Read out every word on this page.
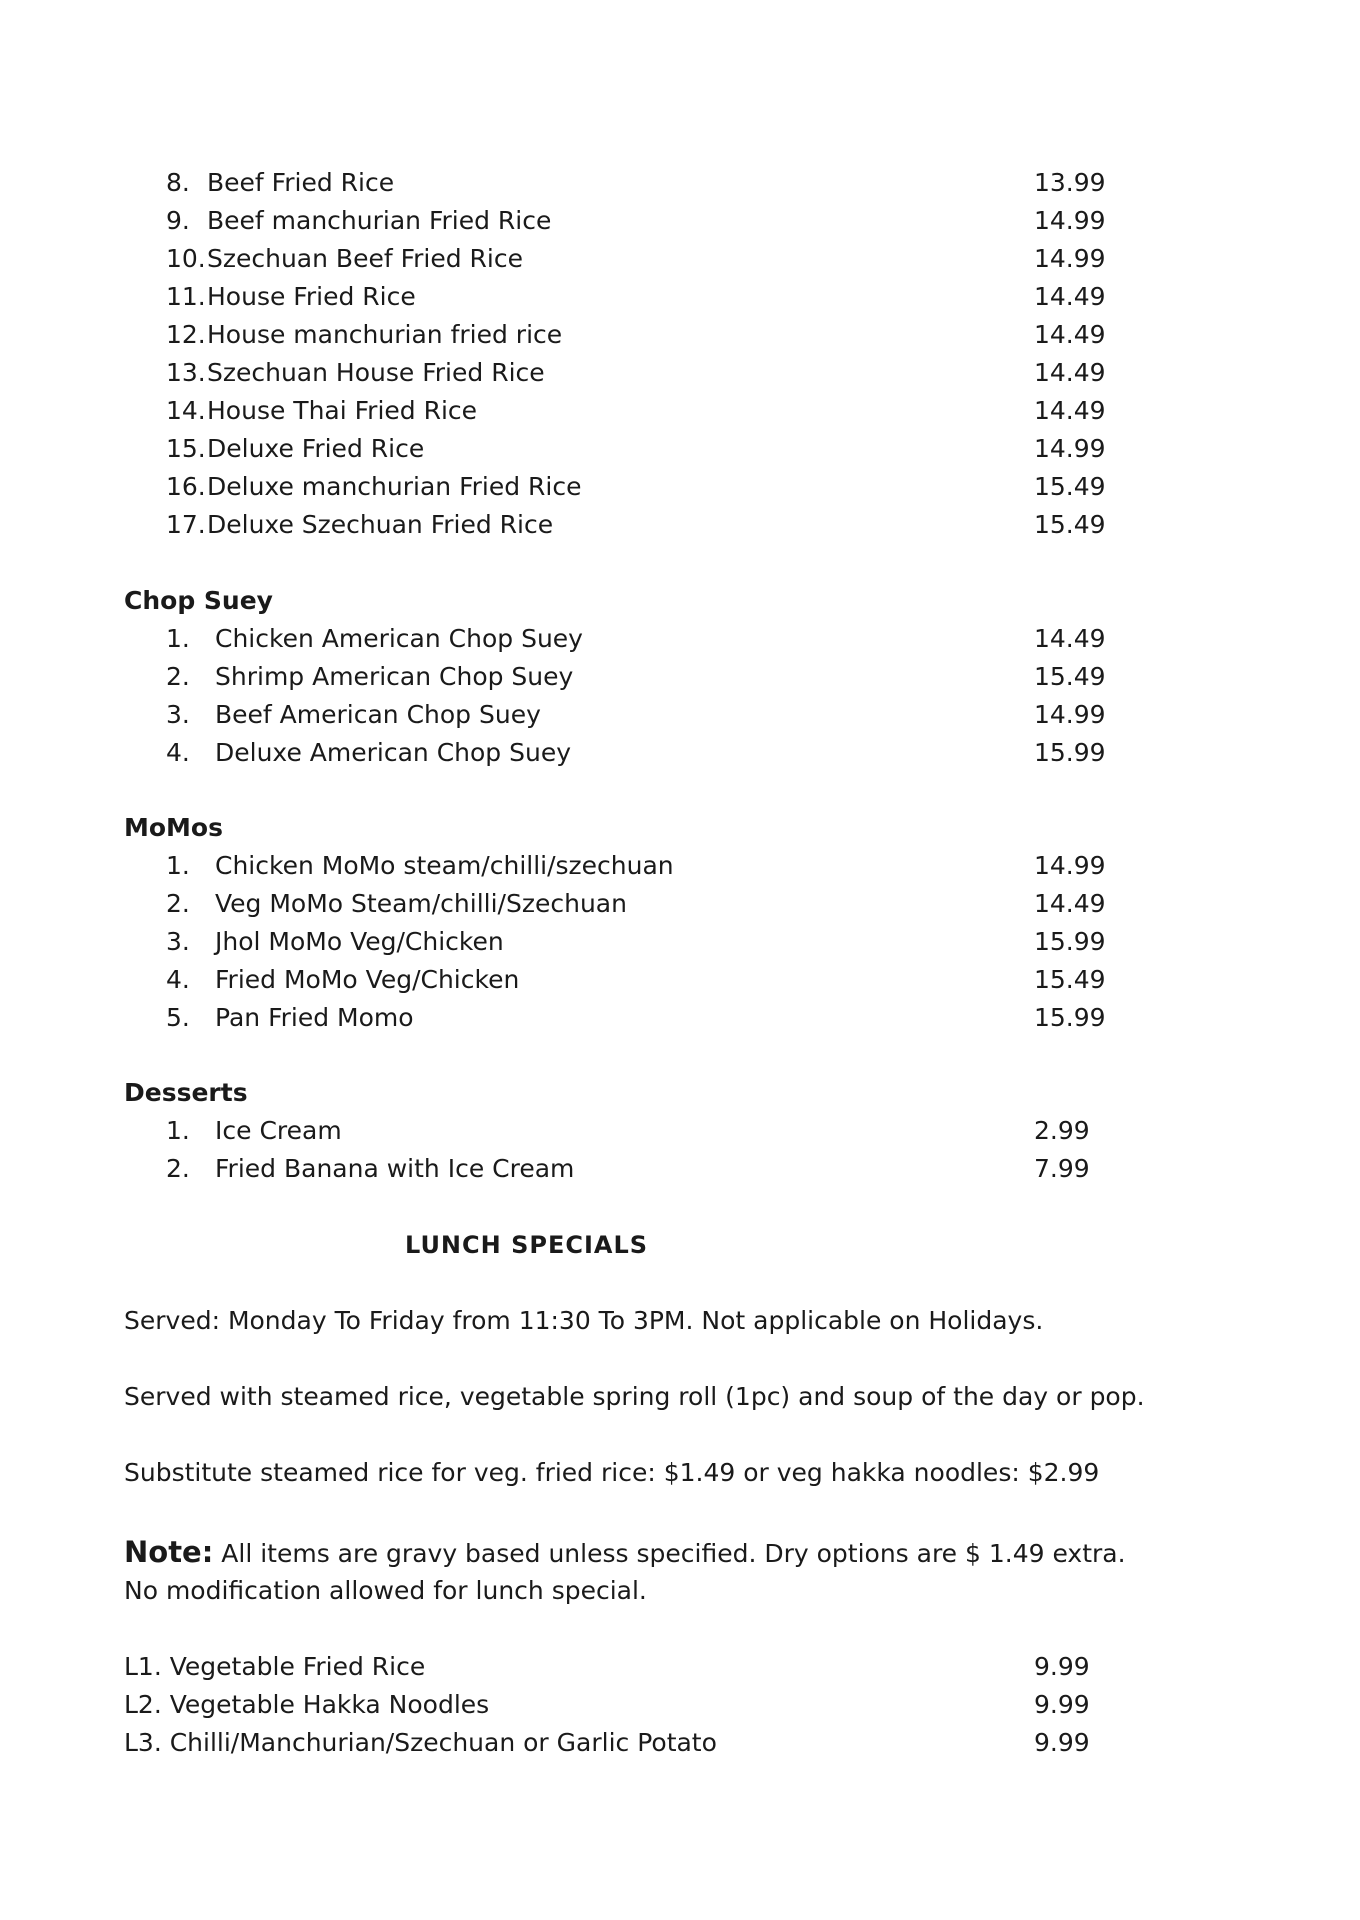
8. Beef Fried Rice	13.99
9. Beef manchurian Fried Rice	14.99
10. Szechuan Beef Fried Rice	14.99
11. House Fried Rice	14.49
12. House manchurian fried rice	14.49
13. Szechuan House Fried Rice	14.49
14. House Thai Fried Rice	14.49
15. Deluxe Fried Rice	14.99
16. Deluxe manchurian Fried Rice	15.49
17. Deluxe Szechuan Fried Rice	15.49
Chop Suey
1. Chicken American Chop Suey	14.49
2. Shrimp American Chop Suey	15.49
3. Beef American Chop Suey	14.99
4. Deluxe American Chop Suey	15.99
MoMos
1. Chicken MoMo steam/chilli/szechuan	14.99
2. Veg MoMo Steam/chilli/Szechuan	14.49
3. Jhol MoMo Veg/Chicken	15.99
4. Fried MoMo Veg/Chicken	15.49
5. Pan Fried Momo	15.99
Desserts
1. Ice Cream	2.99
2. Fried Banana with Ice Cream	7.99
LUNCH SPECIALS
Served: Monday To Friday from 11:30 To 3PM. Not applicable on Holidays.
Served with steamed rice, vegetable spring roll (1pc) and soup of the day or pop.
Substitute steamed rice for veg. fried rice: $1.49 or veg hakka noodles: $2.99
Note: All items are gravy based unless specified. Dry options are $ 1.49 extra.
No modification allowed for lunch special.
L1. Vegetable Fried Rice	9.99
L2. Vegetable Hakka Noodles	9.99
L3. Chilli/Manchurian/Szechuan or Garlic Potato	9.99
